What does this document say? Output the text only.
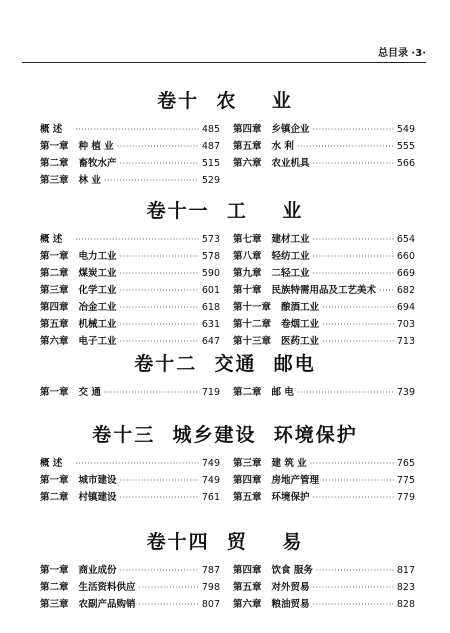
总目录 ·3·
卷十  农    业
概 述 ·····	485
第一章 种 植 业 ·····	487
第二章 畜牧水产 ·····	515
第三章 林 业 ·····	529
第四章 乡镇企业 ·····	549
第五章 水 利 ·····	555
第六章 农业机具 ·····	566
卷十一  工    业
概 述 ·····	573
第一章 电力工业 ·····	578
第二章 煤炭工业 ·····	590
第三章 化学工业 ·····	601
第四章 冶金工业 ·····	618
第五章 机械工业 ·····	631
第六章 电子工业 ·····	647
第七章 建材工业 ·····	654
第八章 轻纺工业 ·····	660
第九章 二轻工业 ·····	669
第十章 民族特需用品及工艺美术 ····· 682
第十一章 酿酒工业 ·····	694
第十二章 卷烟工业 ·····	703
第十三章 医药工业 ·····	713
卷十二  交通  邮电
第一章 交 通 ·····	719 第二章 邮 电 ·····	739
卷十三  城乡建设  环境保护
概 述 ·····	749
第一章 城市建设 ·····	749
第二章 村镇建设 ·····	761
第三章 建 筑 业 ·····	765
第四章 房地产管理 ·····	775
第五章 环境保护 ·····	779
卷十四  贸    易
第一章 商业成份 ·····	787
第二章 生活资料供应 ·····	798
第三章 农副产品购销 ·····	807
第四章 饮食 服务 ·····	817
第五章 对外贸易 ·····	823
第六章 粮油贸易 ·····	828
